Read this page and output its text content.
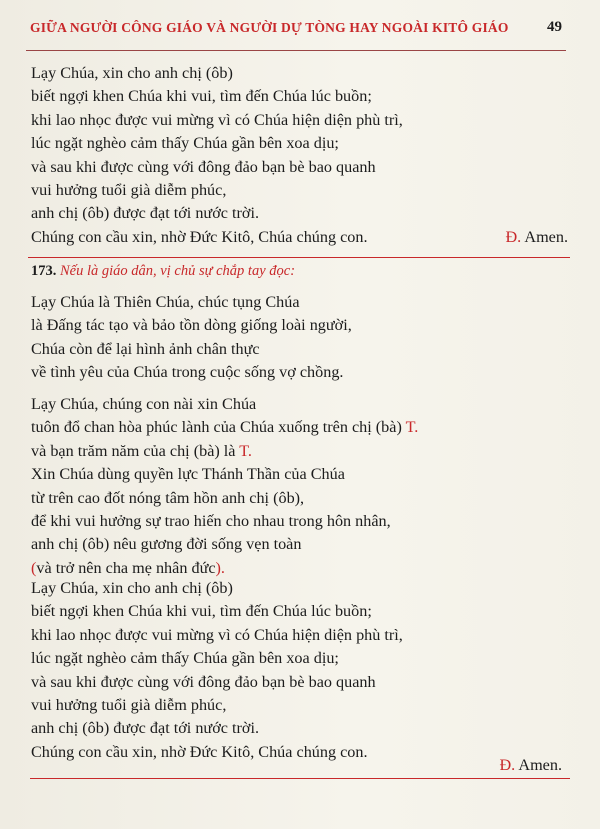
GIỮA NGƯỜI CÔNG GIÁO VÀ NGƯỜI DỰ TÒNG HAY NGOÀI KITÔ GIÁO	49
Lạy Chúa, xin cho anh chị (ôb)
biết ngợi khen Chúa khi vui, tìm đến Chúa lúc buồn;
khi lao nhọc được vui mừng vì có Chúa hiện diện phù trì,
lúc ngặt nghèo cảm thấy Chúa gần bên xoa dịu;
và sau khi được cùng với đông đảo bạn bè bao quanh
vui hưởng tuổi già diễm phúc,
anh chị (ôb) được đạt tới nước trời.
Chúng con cầu xin, nhờ Đức Kitô, Chúa chúng con.	Đ. Amen.
173. Nếu là giáo dân, vị chủ sự chắp tay đọc:
Lạy Chúa là Thiên Chúa, chúc tụng Chúa
là Đấng tác tạo và bảo tồn dòng giống loài người,
Chúa còn để lại hình ảnh chân thực
về tình yêu của Chúa trong cuộc sống vợ chồng.
Lạy Chúa, chúng con nài xin Chúa
tuôn đổ chan hòa phúc lành của Chúa xuống trên chị (bà) T.
và bạn trăm năm của chị (bà) là T.
Xin Chúa dùng quyền lực Thánh Thần của Chúa
từ trên cao đốt nóng tâm hồn anh chị (ôb),
để khi vui hưởng sự trao hiến cho nhau trong hôn nhân,
anh chị (ôb) nêu gương đời sống vẹn toàn
(và trở nên cha mẹ nhân đức).
Lạy Chúa, xin cho anh chị (ôb)
biết ngợi khen Chúa khi vui, tìm đến Chúa lúc buồn;
khi lao nhọc được vui mừng vì có Chúa hiện diện phù trì,
lúc ngặt nghèo cảm thấy Chúa gần bên xoa dịu;
và sau khi được cùng với đông đảo bạn bè bao quanh
vui hưởng tuổi già diễm phúc,
anh chị (ôb) được đạt tới nước trời.
Chúng con cầu xin, nhờ Đức Kitô, Chúa chúng con.
Đ. Amen.
